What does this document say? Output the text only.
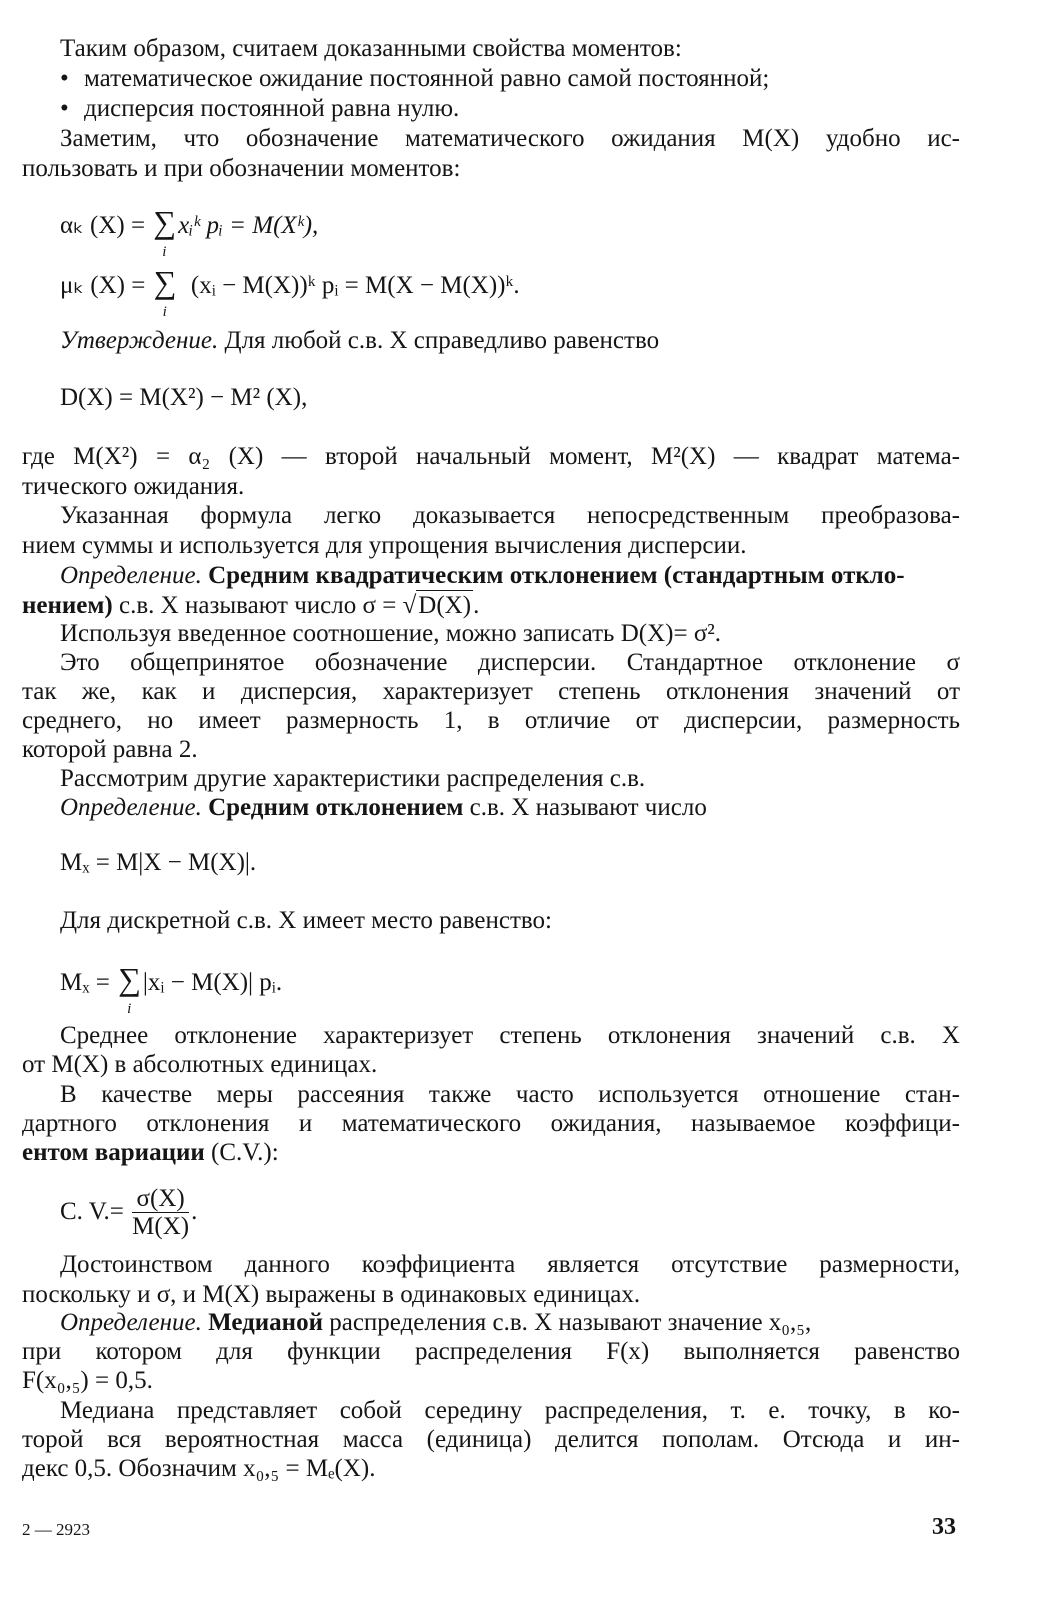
Таким образом, считаем доказанными свойства моментов:
• математическое ожидание постоянной равно самой постоянной;
• дисперсия постоянной равна нулю.
Заметим, что обозначение математического ожидания M(X) удобно ис-
пользовать и при обозначении моментов:
αₖ (X) = ∑
i
xᵢᵏ pᵢ = M(Xᵏ),
μₖ (X) = ∑
i
(xᵢ − M(X))ᵏ pᵢ = M(X − M(X))ᵏ.
Утверждение. Для любой с.в. X справедливо равенство
D(X) = M(X²) − M² (X),
где M(X²) = α₂ (X) — второй начальный момент, M²(X) — квадрат матема-
тического ожидания.
Указанная формула легко доказывается непосредственным преобразова-
нием суммы и используется для упрощения вычисления дисперсии.
Определение. Средним квадратическим отклонением (стандартным откло-
нением) с.в. X называют число σ = √D(X).
Используя введенное соотношение, можно записать D(X)= σ².
Это общепринятое обозначение дисперсии. Стандартное отклонение σ
так же, как и дисперсия, характеризует степень отклонения значений от
среднего, но имеет размерность 1, в отличие от дисперсии, размерность
которой равна 2.
Рассмотрим другие характеристики распределения с.в.
Определение. Средним отклонением с.в. X называют число
Mₓ = M|X − M(X)|.
Для дискретной с.в. X имеет место равенство:
Mₓ = ∑
i
|xᵢ − M(X)| pᵢ.
Среднее отклонение характеризует степень отклонения значений с.в. X
от M(X) в абсолютных единицах.
В качестве меры рассеяния также часто используется отношение стан-
дартного отклонения и математического ожидания, называемое коэффици-
ентом вариации (C.V.):
C. $V.= \frac{\sigma(X)}{M(X)}$ .
Достоинством данного коэффициента является отсутствие размерности,
поскольку и σ, и M(X) выражены в одинаковых единицах.
Определение. Медианой распределения с.в. X называют значение x₀,₅,
при котором для функции распределения F(x) выполняется равенство
F(x₀,₅) = 0,5.
Медиана представляет собой середину распределения, т. е. точку, в ко-
торой вся вероятностная масса (единица) делится пополам. Отсюда и ин-
декс 0,5. Обозначим x₀,₅ = Mₑ(X).
2 — 2923	33
